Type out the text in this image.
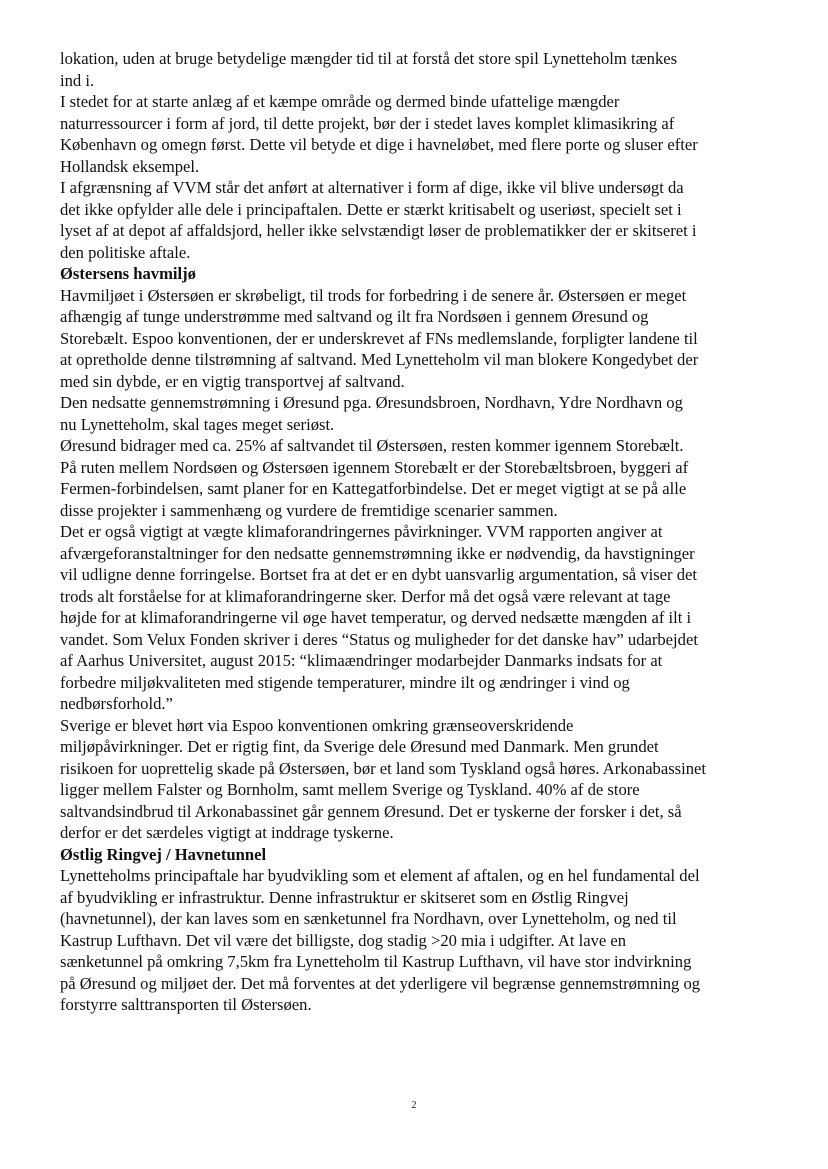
lokation, uden at bruge betydelige mængder tid til at forstå det store spil Lynetteholm tænkes

ind i.

I stedet for at starte anlæg af et kæmpe område og dermed binde ufattelige mængder

naturressourcer i form af jord, til dette projekt, bør der i stedet laves komplet klimasikring af

København og omegn først. Dette vil betyde et dige i havneløbet, med flere porte og sluser efter

Hollandsk eksempel.

I afgrænsning af VVM står det anført at alternativer i form af dige, ikke vil blive undersøgt da

det ikke opfylder alle dele i principaftalen. Dette er stærkt kritisabelt og useriøst, specielt set i

lyset af at depot af affaldsjord, heller ikke selvstændigt løser de problematikker der er skitseret i

den politiske aftale.

Østersens havmiljø

Havmiljøet i Østersøen er skrøbeligt, til trods for forbedring i de senere år. Østersøen er meget

afhængig af tunge understrømme med saltvand og ilt fra Nordsøen i gennem Øresund og

Storebælt. Espoo konventionen, der er underskrevet af FNs medlemslande, forpligter landene til

at opretholde denne tilstrømning af saltvand. Med Lynetteholm vil man blokere Kongedybet der

med sin dybde, er en vigtig transportvej af saltvand.

Den nedsatte gennemstrømning i Øresund pga. Øresundsbroen, Nordhavn, Ydre Nordhavn og

nu Lynetteholm, skal tages meget seriøst.

Øresund bidrager med ca. 25% af saltvandet til Østersøen, resten kommer igennem Storebælt.

På ruten mellem Nordsøen og Østersøen igennem Storebælt er der Storebæltsbroen, byggeri af

Fermen-forbindelsen, samt planer for en Kattegatforbindelse. Det er meget vigtigt at se på alle

disse projekter i sammenhæng og vurdere de fremtidige scenarier sammen.

Det er også vigtigt at vægte klimaforandringernes påvirkninger. VVM rapporten angiver at

afværgeforanstaltninger for den nedsatte gennemstrømning ikke er nødvendig, da havstigninger

vil udligne denne forringelse. Bortset fra at det er en dybt uansvarlig argumentation, så viser det

trods alt forståelse for at klimaforandringerne sker. Derfor må det også være relevant at tage

højde for at klimaforandringerne vil øge havet temperatur, og derved nedsætte mængden af ilt i

vandet. Som Velux Fonden skriver i deres “Status og muligheder for det danske hav” udarbejdet

af Aarhus Universitet, august 2015: “klimaændringer modarbejder Danmarks indsats for at

forbedre miljøkvaliteten med stigende temperaturer, mindre ilt og ændringer i vind og

nedbørsforhold.”

Sverige er blevet hørt via Espoo konventionen omkring grænseoverskridende

miljøpåvirkninger. Det er rigtig fint, da Sverige dele Øresund med Danmark. Men grundet

risikoen for uoprettelig skade på Østersøen, bør et land som Tyskland også høres. Arkonabassinet

ligger mellem Falster og Bornholm, samt mellem Sverige og Tyskland. 40% af de store

saltvandsindbrud til Arkonabassinet går gennem Øresund. Det er tyskerne der forsker i det, så

derfor er det særdeles vigtigt at inddrage tyskerne.

Østlig Ringvej / Havnetunnel

Lynetteholms principaftale har byudvikling som et element af aftalen, og en hel fundamental del

af byudvikling er infrastruktur. Denne infrastruktur er skitseret som en Østlig Ringvej

(havnetunnel), der kan laves som en sænketunnel fra Nordhavn, over Lynetteholm, og ned til

Kastrup Lufthavn. Det vil være det billigste, dog stadig >20 mia i udgifter. At lave en

sænketunnel på omkring 7,5km fra Lynetteholm til Kastrup Lufthavn, vil have stor indvirkning

på Øresund og miljøet der. Det må forventes at det yderligere vil begrænse gennemstrømning og

forstyrre salttransporten til Østersøen.

2
